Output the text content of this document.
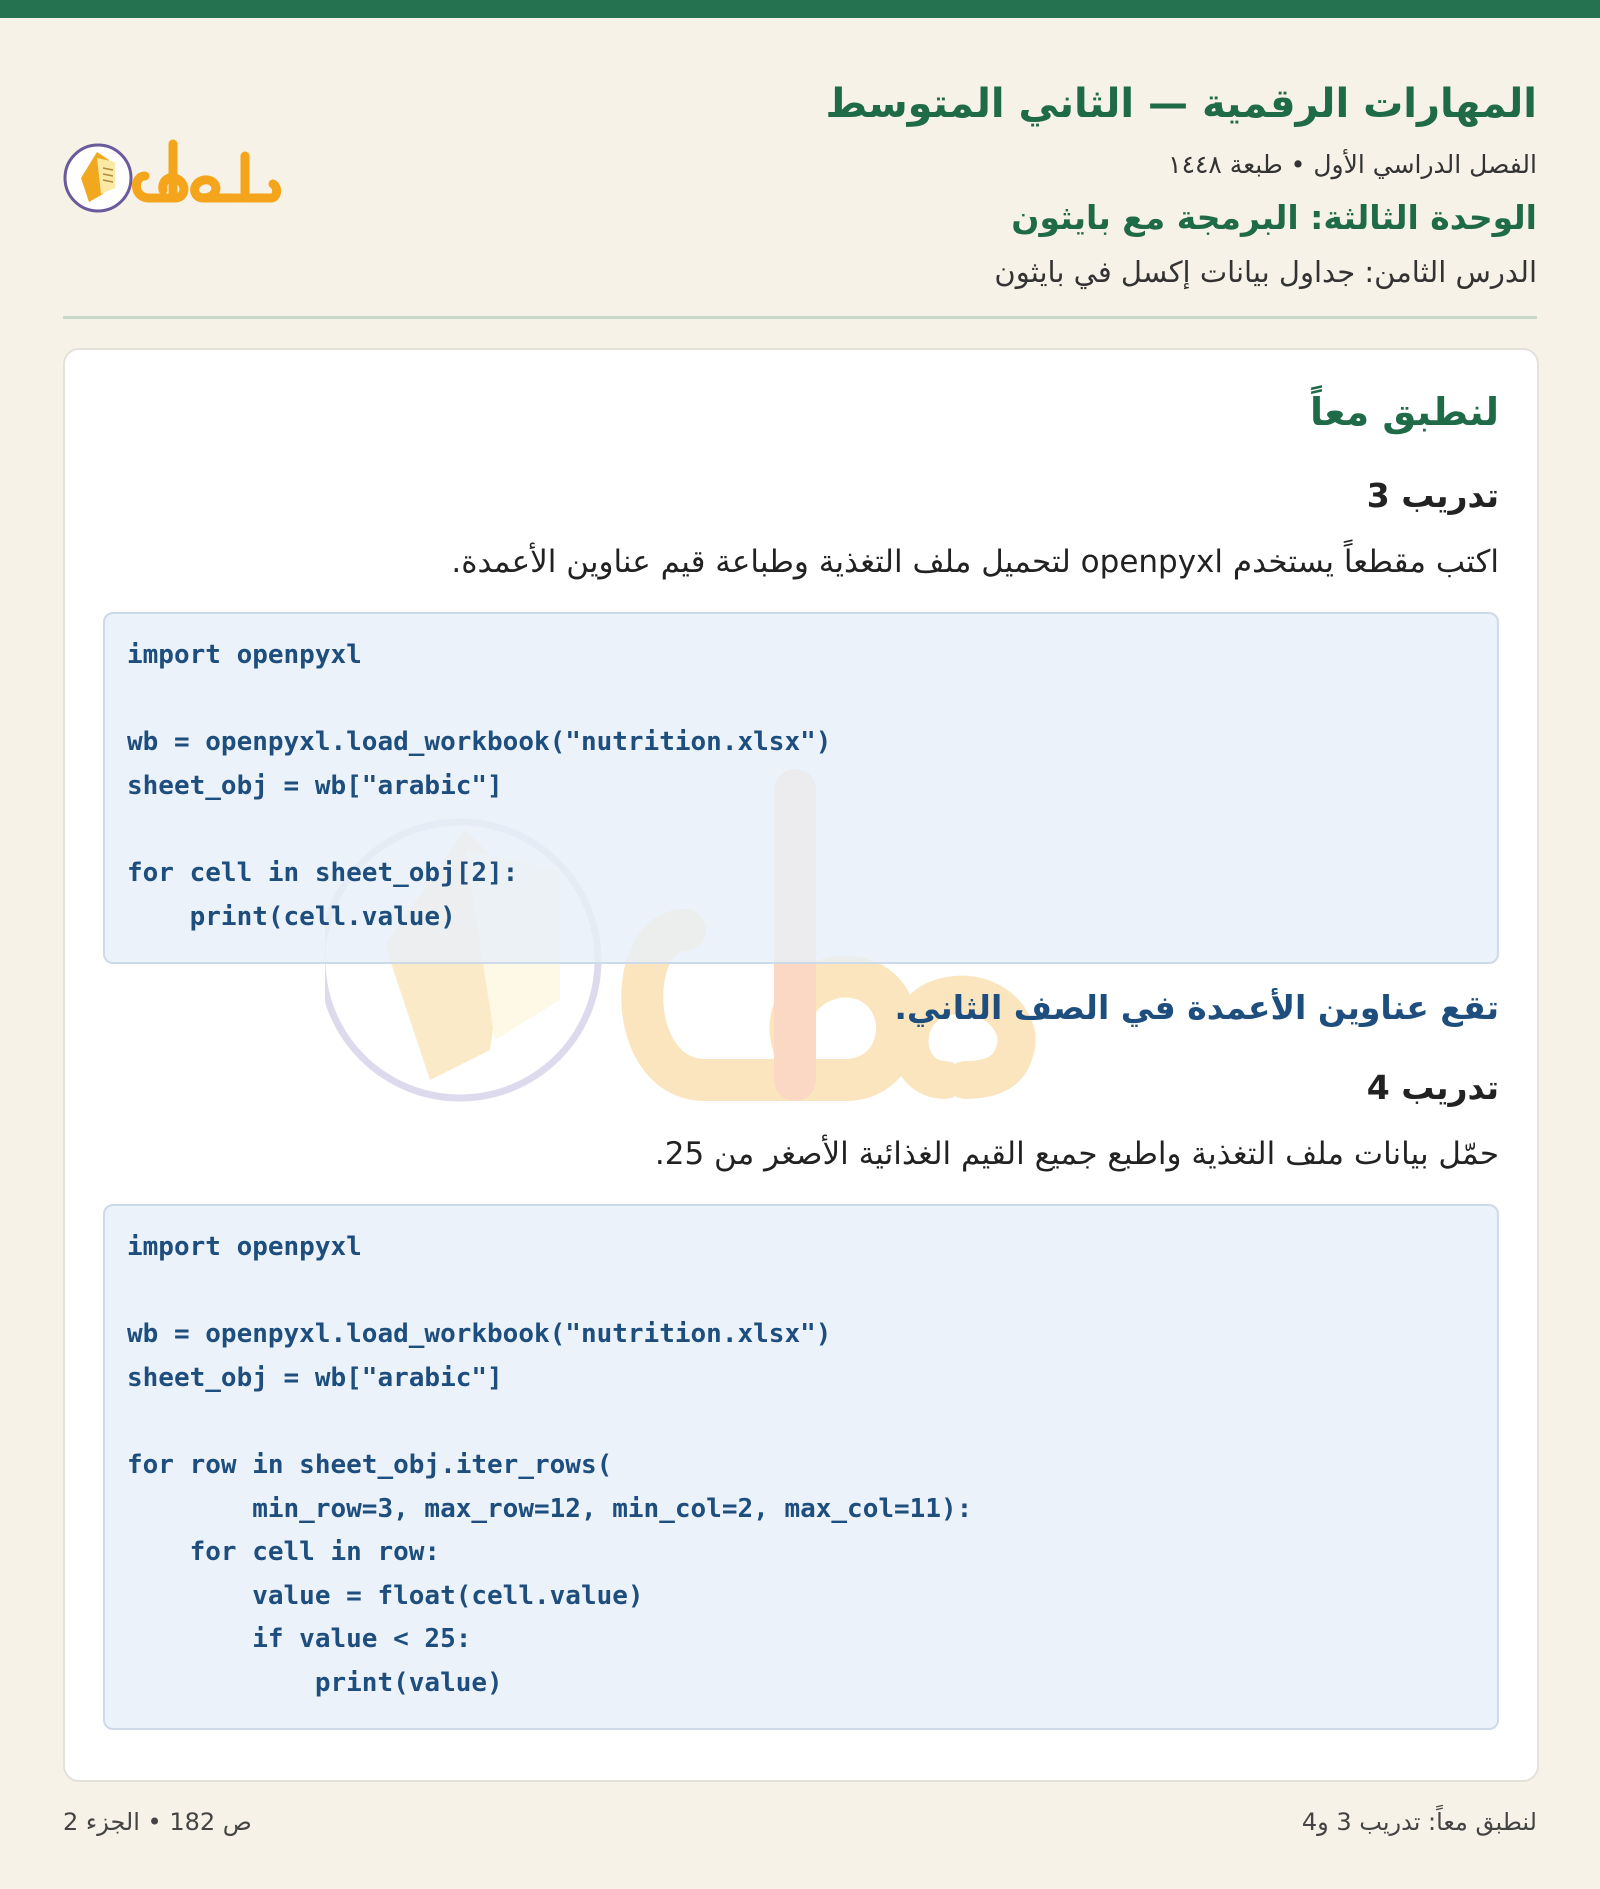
المهارات الرقمية — الثاني المتوسط

الفصل الدراسي الأول • طبعة ١٤٤٨

الوحدة الثالثة: البرمجة مع بايثون

الدرس الثامن: جداول بيانات إكسل في بايثون

لنطبق معاً
تدريب 3

اكتب مقطعاً يستخدم openpyxl لتحميل ملف التغذية وطباعة قيم عناوين الأعمدة.

import openpyxl

wb = openpyxl.load_workbook("nutrition.xlsx")
sheet_obj = wb["arabic"]

for cell in sheet_obj[2]:
print(cell.value)

تقع عناوين الأعمدة في الصف الثاني.

تدريب 4

حمّل بيانات ملف التغذية واطبع جميع القيم الغذائية الأصغر من 25.

import openpyxl

wb = openpyxl.load_workbook("nutrition.xlsx")
sheet_obj = wb["arabic"]

for row in sheet_obj.iter_rows(
min_row=3, max_row=12, min_col=2, max_col=11):
for cell in row:
value = float(cell.value)
if value < 25:
print(value)

لنطبق معاً: تدريب 3 و4

ص 182 • الجزء 2
